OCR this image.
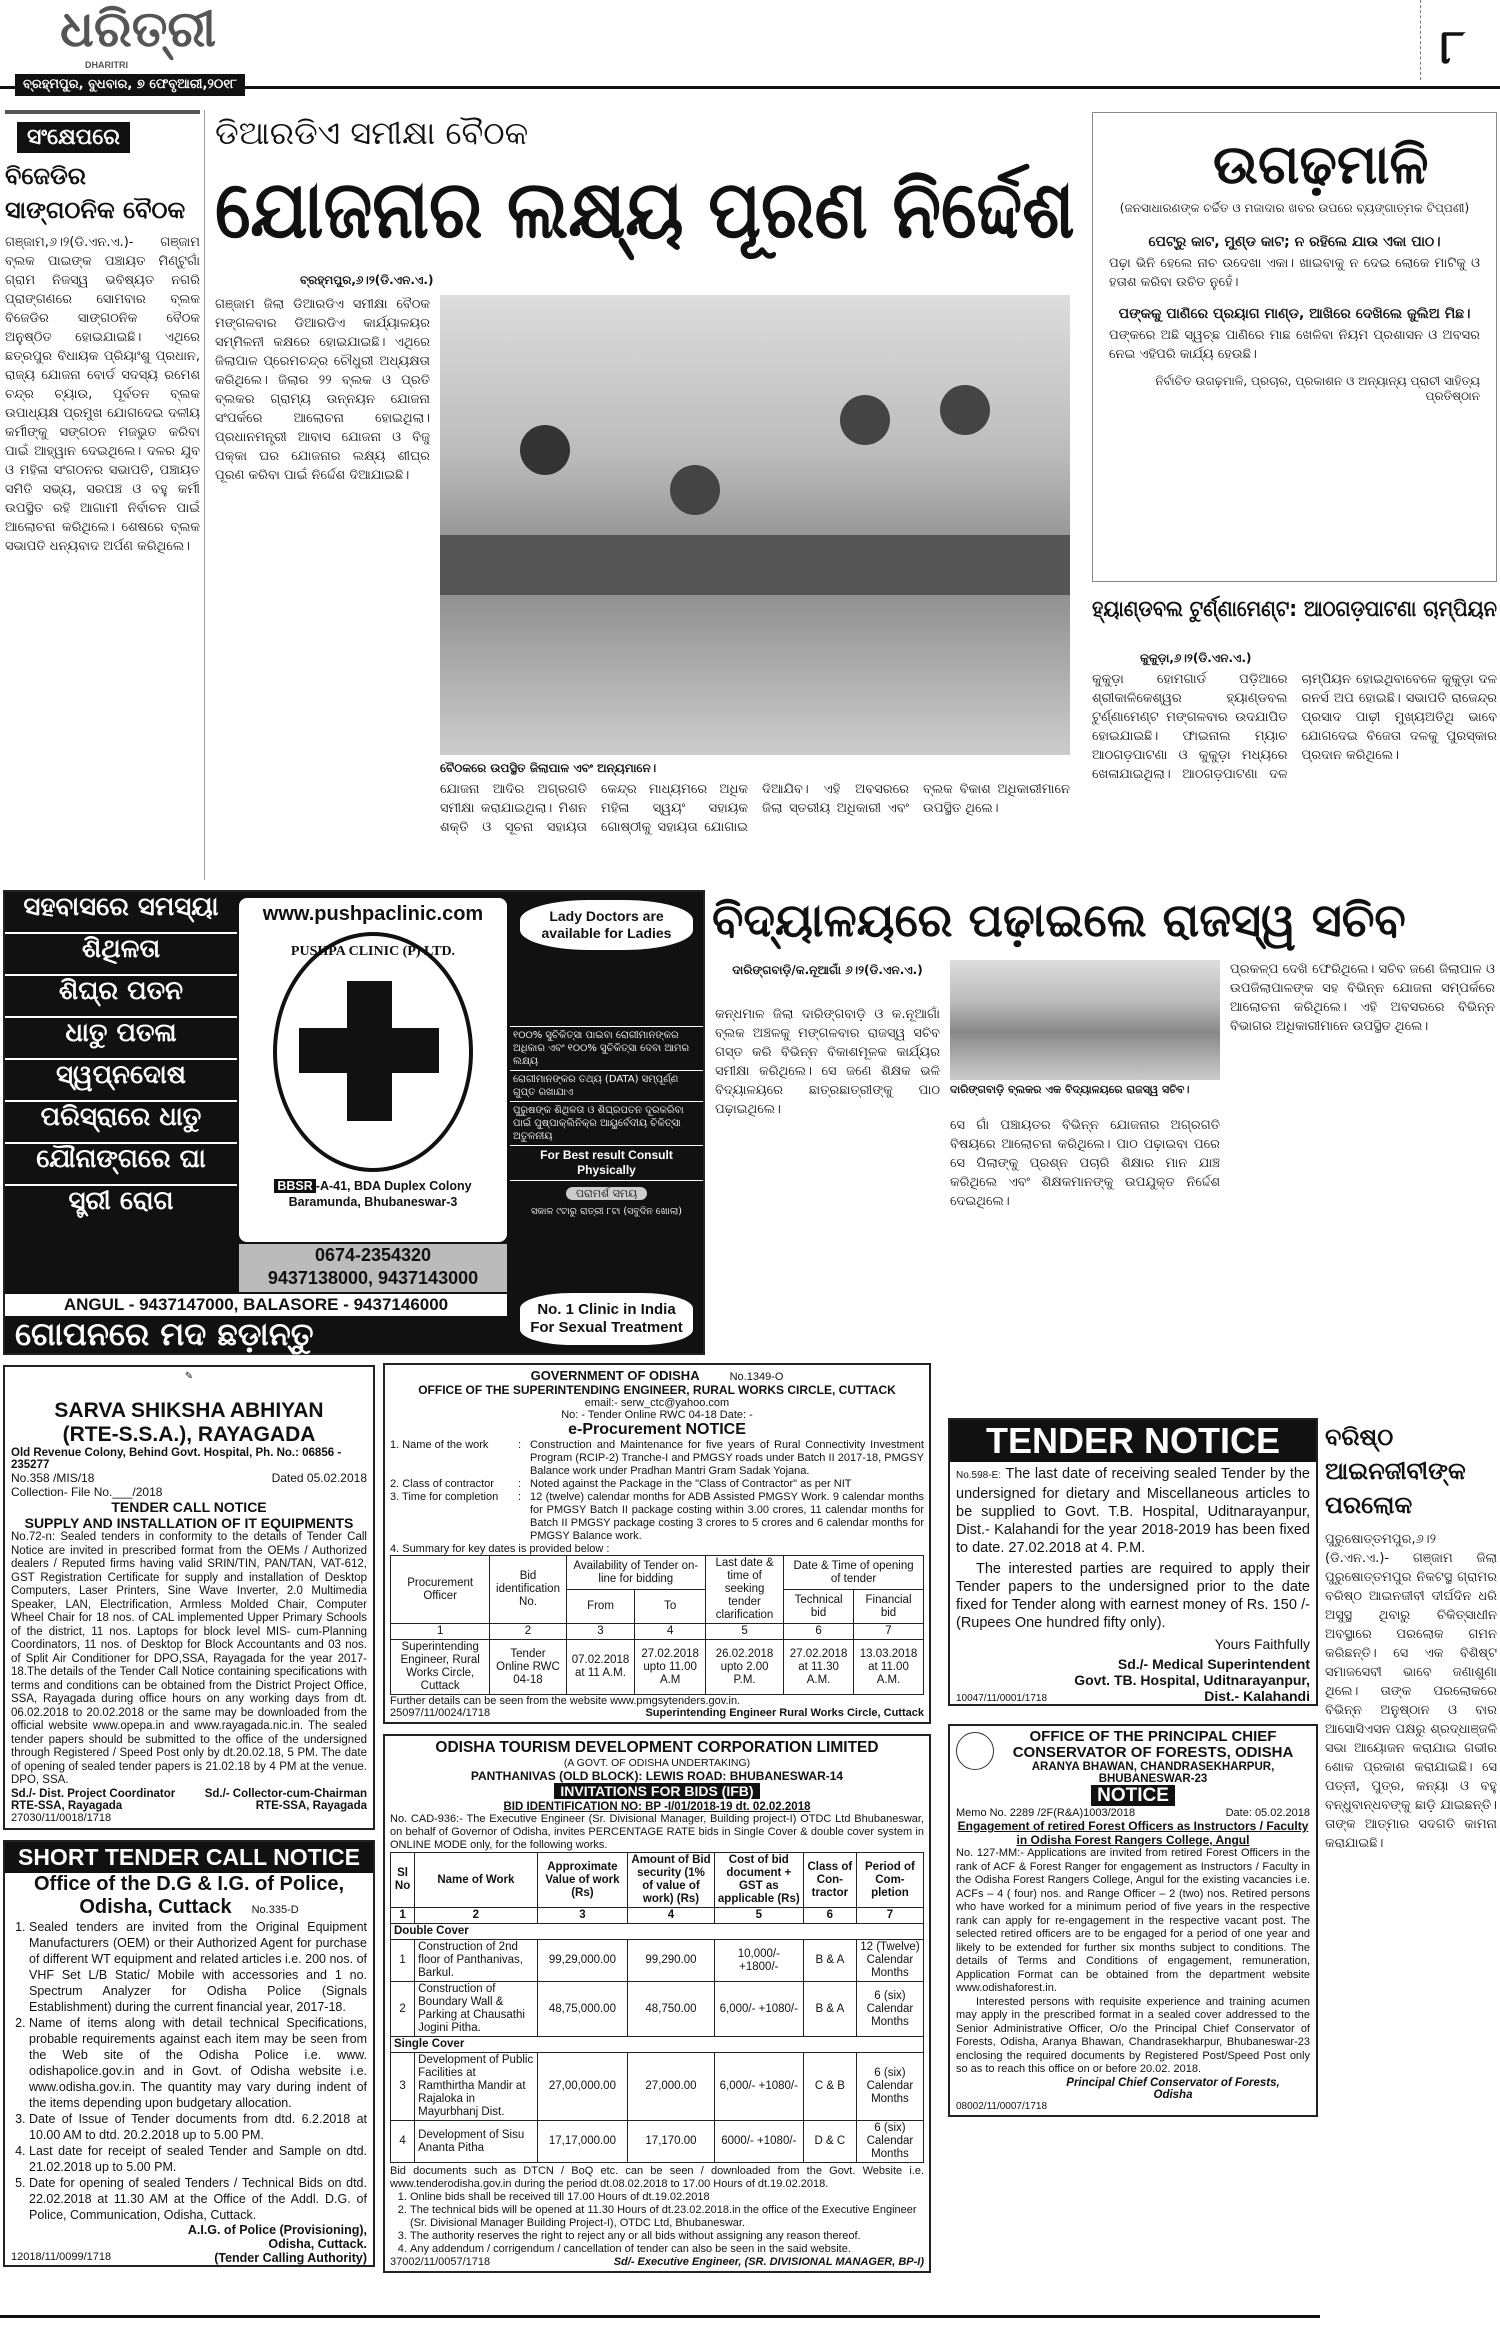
ଧରିତ୍ରୀ
DHARITRI
ବ୍ରହ୍ମପୁର, ବୁଧବାର, ୭ ଫେବୃଆରୀ,୨୦୧୮
୮
ସଂକ୍ଷେପରେ
ବିଜେଡିର ସାଙ୍ଗଠନିକ ବୈଠକ
ଗଞ୍ଜାମ,୬।୨(ଡି.ଏନ.ଏ.)- ଗଞ୍ଜାମ ବ୍ଲକ ପାଇଙ୍କ ପଞ୍ଚାୟତ ମିଣ୍ଟୁଗାଁ ଗ୍ରାମ ନିଜସ୍ୱ ଭବିଷ୍ୟତ ନଗରି ପ୍ରାଙ୍ଗଣରେ ସୋମବାର ବ୍ଲକ ବିଜେଡିର ସାଙ୍ଗଠନିକ ବୈଠକ ଅନୁଷ୍ଠିତ ହୋଇଯାଇଛି। ଏଥିରେ ଛତ୍ରପୁର ବିଧାୟକ ପ୍ରିୟାଂଶୁ ପ୍ରଧାନ, ରାଜ୍ୟ ଯୋଜନା ବୋର୍ଡ ସଦସ୍ୟ ରମେଶ ଚନ୍ଦ୍ର ଚ୍ୟାଉ, ପୂର୍ବତନ ବ୍ଲକ ଉପାଧ୍ୟକ୍ଷ ପ୍ରମୁଖ ଯୋଗଦେଇ ଦଳୀୟ କର୍ମୀଙ୍କୁ ସଙ୍ଗଠନ ମଜଭୁତ କରିବା ପାଇଁ ଆହ୍ୱାନ ଦେଇଥିଲେ। ଦଳର ଯୁବ ଓ ମହିଳା ସଂଗଠନର ସଭାପତି, ପଞ୍ଚାୟତ ସମିତି ସଭ୍ୟ, ସରପଞ୍ଚ ଓ ବହୁ କର୍ମୀ ଉପସ୍ଥିତ ରହି ଆଗାମୀ ନିର୍ବାଚନ ପାଇଁ ଆଲୋଚନା କରିଥିଲେ। ଶେଷରେ ବ୍ଲକ ସଭାପତି ଧନ୍ୟବାଦ ଅର୍ପଣ କରିଥିଲେ।
ଡିଆରଡିଏ ସମୀକ୍ଷା ବୈଠକ
ଯୋଜନାର ଲକ୍ଷ୍ୟ ପୂରଣ ନିର୍ଦ୍ଦେଶ
ବ୍ରହ୍ମପୁର,୬।୨(ଡି.ଏନ.ଏ.)
ଗଞ୍ଜାମ ଜିଲା ଡିଆରଡିଏ ସମୀକ୍ଷା ବୈଠକ ମଙ୍ଗଳବାର ଡିଆରଡିଏ କାର୍ଯ୍ୟାଳୟର ସମ୍ମିଳନୀ କକ୍ଷରେ ହୋଇଯାଇଛି। ଏଥିରେ ଜିଲାପାଳ ପ୍ରେମଚନ୍ଦ୍ର ଚୌଧୁରୀ ଅଧ୍ୟକ୍ଷତା କରିଥିଲେ। ଜିଲାର ୨୨ ବ୍ଲକ ଓ ପ୍ରତି ବ୍ଲକର ଗ୍ରାମ୍ୟ ଉନ୍ନୟନ ଯୋଜନା ସଂପର୍କରେ ଆଲୋଚନା ହୋଇଥିଲା। ପ୍ରଧାନମନ୍ତ୍ରୀ ଆବାସ ଯୋଜନା ଓ ବିଜୁ ପକ୍କା ଘର ଯୋଜନାର ଲକ୍ଷ୍ୟ ଶୀଘ୍ର ପୂରଣ କରିବା ପାଇଁ ନିର୍ଦ୍ଦେଶ ଦିଆଯାଇଛି।
ବୈଠକରେ ଉପସ୍ଥିତ ଜିଲାପାଳ ଏବଂ ଅନ୍ୟମାନେ।
ଯୋଜନା ଆଦିର ଅଗ୍ରଗତି ସମୀକ୍ଷା କରାଯାଇଥିଲା। ମିଶନ ଶକ୍ତି ଓ ସୂଚନା ସହାୟତା କେନ୍ଦ୍ର ମାଧ୍ୟମରେ ଅଧିକ ମହିଳା ସ୍ୱୟଂ ସହାୟକ ଗୋଷ୍ଠୀକୁ ସହାୟତା ଯୋଗାଇ ଦିଆଯିବ। ଏହି ଅବସରରେ ଜିଲା ସ୍ତରୀୟ ଅଧିକାରୀ ଏବଂ ବ୍ଲକ ବିକାଶ ଅଧିକାରୀମାନେ ଉପସ୍ଥିତ ଥିଲେ।
ଉଗଢ଼ମାଳି
(ଜନସାଧାରଣଙ୍କ ଚର୍ଚ୍ଚିତ ଓ ମଜାଦାର ଖବର ଉପରେ ବ୍ୟଙ୍ଗାତ୍ମକ ଟିପ୍ପଣୀ)
ପେଟ୍ରୁ କାଟ, ମୁଣ୍ଡ କାଟ; ନ ରହିଲେ ଯାଉ ଏକା ପାଠ।
ପଢ଼ା ଭିନି ହେଲେ ନାଚ ଉଦେଖା ଏକା। ଖାଇବାକୁ ନ ଦେଇ ଲୋକେ ମାଟିକୁ ଓ ହତାଶ କରିବା ଉଚିତ ନୁହେଁ।
ପଙ୍କକୁ ପାଣିରେ ପ୍ରୟାଗ ମାଣ୍ଡ, ଆଖିରେ ଦେଖିଲେ ଜୁଲିଅ ମିଛ।
ପଙ୍କରେ ଅଛି ସ୍ୱଚ୍ଛ ପାଣିରେ ମାଛ ଖେଳିବା ନିୟମ ପ୍ରଶାସନ ଓ ଅବସର ନେଇ ଏହିପରି କାର୍ଯ୍ୟ ହେଉଛି।
ନିର୍ବାଚିତ ଉଗଢ଼ମାଳି, ପ୍ରଚାର, ପ୍ରକାଶନ ଓ ଅନ୍ୟାନ୍ୟ ପ୍ରାଚୀ ସାହିତ୍ୟ ପ୍ରତିଷ୍ଠାନ
ହ୍ୟାଣ୍ଡବଲ ଟୁର୍ଣ୍ଣାମେଣ୍ଟ: ଆଠଗଡ଼ପାଟଣା ଚାମ୍ପିୟନ
କୁକୁଡ଼ା,୬।୨(ଡି.ଏନ.ଏ.)
କୁକୁଡ଼ା ହୋମଗାର୍ଡ ପଡ଼ିଆରେ ଶ୍ରୀକାଳିକେଶ୍ୱର ହ୍ୟାଣ୍ଡବଲ ଟୁର୍ଣ୍ଣାମେଣ୍ଟ ମଙ୍ଗଳବାର ଉଦଯାପିତ ହୋଇଯାଇଛି। ଫାଇନାଲ ମ୍ୟାଚ ଆଠଗଡ଼ପାଟଣା ଓ କୁକୁଡ଼ା ମଧ୍ୟରେ ଖେଳାଯାଇଥିଲା। ଆଠଗଡ଼ପାଟଣା ଦଳ ଚାମ୍ପିୟନ ହୋଇଥିବାବେଳେ କୁକୁଡ଼ା ଦଳ ରନର୍ସ ଅପ ହୋଇଛି। ସଭାପତି ରାଜେନ୍ଦ୍ର ପ୍ରସାଦ ପାଢ଼ୀ ମୁଖ୍ୟଅତିଥି ଭାବେ ଯୋଗଦେଇ ବିଜେତା ଦଳକୁ ପୁରସ୍କାର ପ୍ରଦାନ କରିଥିଲେ।
ସହବାସରେ ସମସ୍ୟା
ଶିଥିଳତା
ଶିଘ୍ର ପତନ
ଧାତୁ ପତଳା
ସ୍ୱପ୍ନଦୋଷ
ପରିସ୍ରାରେ ଧାତୁ
ଯୌନାଙ୍ଗରେ ଘା
ସ୍ତ୍ରୀ ରୋଗ
www.pushpaclinic.com
PUSHPA CLINIC (P) LTD.
BBSR -A-41, BDA Duplex Colony
Baramunda, Bhubaneswar-3
0674-2354320
9437138000, 9437143000
ANGUL - 9437147000, BALASORE - 9437146000
ଗୋପନରେ ମଦ ଛଡ଼ାନ୍ତୁ
Lady Doctors are available for Ladies
୧୦୦% ସୁଚିକିତ୍ସା ପାଇବା ରୋଗୀମାନଙ୍କର ଅଧିକାର ଏବଂ ୧୦୦% ସୁଚିକିତ୍ସା ଦେବା ଆମର ଲକ୍ଷ୍ୟ
ରୋଗୀମାନଙ୍କର ତଥ୍ୟ (DATA) ସମ୍ପୂର୍ଣ୍ଣ ଗୁପ୍ତ ରଖାଯାଏ
ପୁରୁଷଙ୍କ ଶିଥିଳତା ଓ ଶିଘ୍ରପତନ ଦୂରକରିବା ପାଇଁ ପୁଷ୍ପାକ୍ଲିନିକ୍‌ର ଆୟୁର୍ବେଦୀୟ ଚିକିତ୍ସା ଅତୁଳନୀୟ
For Best result Consult Physically
ପରାମର୍ଶ ସମୟ
ସକାଳ ୯ଟାରୁ ରାତ୍ରୀ ୮ଟା (ସବୁଦିନ ଖୋଲା)
No. 1 Clinic in India For Sexual Treatment
ବିଦ୍ୟାଳୟରେ ପଢ଼ାଇଲେ ରାଜସ୍ୱ ସଚିବ
ଦାରିଙ୍ଗବାଡ଼ି/କ.ନୂଆଗାଁ ୬।୨(ଡି.ଏନ.ଏ.)
କନ୍ଧମାଳ ଜିଲା ଦାରିଙ୍ଗବାଡ଼ି ଓ କ.ନୂଆଗାଁ ବ୍ଲକ ଅଞ୍ଚଳକୁ ମଙ୍ଗଳବାର ରାଜସ୍ୱ ସଚିବ ଗସ୍ତ କରି ବିଭିନ୍ନ ବିକାଶମୂଳକ କାର୍ଯ୍ୟର ସମୀକ୍ଷା କରିଥିଲେ। ସେ ଜଣେ ଶିକ୍ଷକ ଭଳି ବିଦ୍ୟାଳୟରେ ଛାତ୍ରଛାତ୍ରୀଙ୍କୁ ପାଠ ପଢ଼ାଇଥିଲେ।
ଦାରିଙ୍ଗବାଡ଼ି ବ୍ଲକର ଏକ ବିଦ୍ୟାଳୟରେ ରାଜସ୍ୱ ସଚିବ।
ସେ ଗାଁ ପଞ୍ଚାୟତର ବିଭିନ୍ନ ଯୋଜନାର ଅଗ୍ରଗତି ବିଷୟରେ ଆଲୋଚନା କରିଥିଲେ। ପାଠ ପଢ଼ାଇବା ପରେ ସେ ପିଲାଙ୍କୁ ପ୍ରଶ୍ନ ପଚାରି ଶିକ୍ଷାର ମାନ ଯାଞ୍ଚ କରିଥିଲେ ଏବଂ ଶିକ୍ଷକମାନଙ୍କୁ ଉପଯୁକ୍ତ ନିର୍ଦ୍ଦେଶ ଦେଇଥିଲେ।
ପ୍ରକଳ୍ପ ଦେଖି ଫେରିଥିଲେ। ସଚିବ ଜଣେ ଜିଲାପାଳ ଓ ଉପଜିଲାପାଳଙ୍କ ସହ ବିଭିନ୍ନ ଯୋଜନା ସମ୍ପର୍କରେ ଆଲୋଚନା କରିଥିଲେ। ଏହି ଅବସରରେ ବିଭିନ୍ନ ବିଭାଗର ଅଧିକାରୀମାନେ ଉପସ୍ଥିତ ଥିଲେ।
✎
SARVA SHIKSHA ABHIYAN
(RTE-S.S.A.), RAYAGADA
Old Revenue Colony, Behind Govt. Hospital, Ph. No.: 06856 - 235277
No.358 /MIS/18	Dated 05.02.2018
Collection- File No.___/2018
TENDER CALL NOTICE
SUPPLY AND INSTALLATION OF IT EQUIPMENTS

No.72-n: Sealed tenders in conformity to the details of Tender Call Notice are invited in prescribed format from the OEMs / Authorized dealers / Reputed firms having valid SRIN/TIN, PAN/TAN, VAT-612, GST Registration Certificate for supply and installation of Desktop Computers, Laser Printers, Sine Wave Inverter, 2.0 Multimedia Speaker, LAN, Electrification, Armless Molded Chair, Computer Wheel Chair for 18 nos. of CAL implemented Upper Primary Schools of the district, 11 nos. Laptops for block level MIS- cum-Planning Coordinators, 11 nos. of Desktop for Block Accountants and 03 nos. of Split Air Conditioner for DPO,SSA, Rayagada for the year 2017-18.The details of the Tender Call Notice containing specifications with terms and conditions can be obtained from the District Project Office, SSA, Rayagada during office hours on any working days from dt. 06.02.2018 to 20.02.2018 or the same may be downloaded from the official website www.opepa.in and www.rayagada.nic.in. The sealed tender papers should be submitted to the office of the undersigned through Registered / Speed Post only by dt.20.02.18, 5 PM. The date of opening of sealed tender papers is 21.02.18 by 4 PM at the venue. DPO, SSA.

Sd./- Dist. Project Coordinator	Sd./- Collector-cum-Chairman
RTE-SSA, Rayagada	RTE-SSA, Rayagada
27030/11/0018/1718
SHORT TENDER CALL NOTICE
Office of the D.G & I.G. of Police,
Odisha, Cuttack No.335-D
1. Sealed tenders are invited from the Original Equipment Manufacturers (OEM) or their Authorized Agent for purchase of different WT equipment and related articles i.e. 200 nos. of VHF Set L/B Static/ Mobile with accessories and 1 no. Spectrum Analyzer for Odisha Police (Signals Establishment) during the current financial year, 2017-18.
2. Name of items along with detail technical Specifications, probable requirements against each item may be seen from the Web site of the Odisha Police i.e. www. odishapolice.gov.in and in Govt. of Odisha website i.e. www.odisha.gov.in. The quantity may vary during indent of the items depending upon budgetary allocation.
3. Date of Issue of Tender documents from dtd. 6.2.2018 at 10.00 AM to dtd. 20.2.2018 up to 5.00 PM.
4. Last date for receipt of sealed Tender and Sample on dtd. 21.02.2018 up to 5.00 PM.
5. Date for opening of sealed Tenders / Technical Bids on dtd. 22.02.2018 at 11.30 AM at the Office of the Addl. D.G. of Police, Communication, Odisha, Cuttack.
A.I.G. of Police (Provisioning),
Odisha, Cuttack.
12018/11/0099/1718	(Tender Calling Authority)
GOVERNMENT OF ODISHA	No.1349-O
OFFICE OF THE SUPERINTENDING ENGINEER, RURAL WORKS CIRCLE, CUTTACK
email:- serw_ctc@yahoo.com
No: - Tender Online RWC 04-18 Date: -
e-Procurement NOTICE
1. Name of the work	: Construction and Maintenance for five years of Rural Connectivity Investment Program (RCIP-2) Tranche-I and PMGSY roads under Batch II 2017-18, PMGSY Balance work under Pradhan Mantri Gram Sadak Yojana.
2. Class of contractor	: Noted against the Package in the "Class of Contractor" as per NIT
3. Time for completion	: 12 (twelve) calendar months for ADB Assisted PMGSY Work. 9 calendar months for PMGSY Batch II package costing within 3.00 crores, 11 calendar months for Batch II PMGSY package costing 3 crores to 5 crores and 6 calendar months for PMGSY Balance work.
4. Summary for key dates is provided below :
Procurement Officer	Bid identification No.	Availability of Tender on-line for bidding		Last date & time of seeking tender clarification	Date & Time of opening of tender	
		From	To		Technical bid	Financial bid
1	2	3	4	5	6	7
Superintending Engineer, Rural Works Circle, Cuttack	Tender Online RWC 04-18	07.02.2018 at 11 A.M.	27.02.2018 upto 11.00 A.M	26.02.2018 upto 2.00 P.M.	27.02.2018 at 11.30 A.M.	13.03.2018 at 11.00 A.M.
Further details can be seen from the website www.pmgsytenders.gov.in.
25097/11/0024/1718	Superintending Engineer Rural Works Circle, Cuttack
ODISHA TOURISM DEVELOPMENT CORPORATION LIMITED
(A GOVT. OF ODISHA UNDERTAKING)
PANTHANIVAS (OLD BLOCK): LEWIS ROAD: BHUBANESWAR-14
INVITATIONS FOR BIDS (IFB)
BID IDENTIFICATION NO: BP -I/01/2018-19 dt. 02.02.2018

No. CAD-936:- The Executive Engineer (Sr. Divisional Manager, Building project-I) OTDC Ltd Bhubaneswar, on behalf of Governor of Odisha, invites PERCENTAGE RATE bids in Single Cover & double cover system in ONLINE MODE only, for the following works.

Sl No	Name of Work	Approximate Value of work (Rs)	Amount of Bid security (1% of value of work) (Rs)	Cost of bid document + GST as applicable (Rs)	Class of Con-tractor	Period of Com-pletion
1	2	3	4	5	6	7
Double Cover						
1	Construction of 2nd floor of Panthanivas, Barkul.	99,29,000.00	99,290.00	10,000/- +1800/-	B & A	12 (Twelve) Calendar Months
2	Construction of Boundary Wall & Parking at Chausathi Jogini Pitha.	48,75,000.00	48,750.00	6,000/- +1080/-	B & A	6 (six) Calendar Months
Single Cover						
3	Development of Public Facilities at Ramthirtha Mandir at Rajaloka in Mayurbhanj Dist.	27,00,000.00	27,000.00	6,000/- +1080/-	C & B	6 (six) Calendar Months
4	Development of Sisu Ananta Pitha	17,17,000.00	17,170.00	6000/- +1080/-	D & C	6 (six) Calendar Months

Bid documents such as DTCN / BoQ etc. can be seen / downloaded from the Govt. Website i.e. www.tenderodisha.gov.in during the period dt.08.02.2018 to 17.00 Hours of dt.19.02.2018.

1. Online bids shall be received till 17.00 Hours of dt.19.02.2018
2. The technical bids will be opened at 11.30 Hours of dt.23.02.2018.in the office of the Executive Engineer (Sr. Divisional Manager Building Project-I), OTDC Ltd, Bhubaneswar.
3. The authority reserves the right to reject any or all bids without assigning any reason thereof.
4. Any addendum / corrigendum / cancellation of tender can also be seen in the said website.
37002/11/0057/1718	Sd/- Executive Engineer, (SR. DIVISIONAL MANAGER, BP-I)
TENDER NOTICE

No.598-E: The last date of receiving sealed Tender by the undersigned for dietary and Miscellaneous articles to be supplied to Govt. T.B. Hospital, Uditnarayanpur, Dist.- Kalahandi for the year 2018-2019 has been fixed to date. 27.02.2018 at 4. P.M.

The interested parties are required to apply their Tender papers to the undersigned prior to the date fixed for Tender along with earnest money of Rs. 150 /- (Rupees One hundred fifty only).

Yours Faithfully
Sd./- Medical Superintendent
Govt. TB. Hospital, Uditnarayanpur,
10047/11/0001/1718	Dist.- Kalahandi
OFFICE OF THE PRINCIPAL CHIEF CONSERVATOR OF FORESTS, ODISHA
ARANYA BHAWAN, CHANDRASEKHARPUR, BHUBANESWAR-23
NOTICE
Memo No. 2289 /2F(R&A)1003/2018	Date: 05.02.2018
Engagement of retired Forest Officers as Instructors / Faculty in Odisha Forest Rangers College, Angul

No. 127-MM:- Applications are invited from retired Forest Officers in the rank of ACF & Forest Ranger for engagement as Instructors / Faculty in the Odisha Forest Rangers College, Angul for the existing vacancies i.e. ACFs – 4 ( four) nos. and Range Officer – 2 (two) nos. Retired persons who have worked for a minimum period of five years in the respective rank can apply for re-engagement in the respective vacant post. The selected retired officers are to be engaged for a period of one year and likely to be extended for further six months subject to conditions. The details of Terms and Conditions of engagement, remuneration, Application Format can be obtained from the department website www.odishaforest.in.

Interested persons with requisite experience and training acumen may apply in the prescribed format in a sealed cover addressed to the Senior Administrative Officer, O/o the Principal Chief Conservator of Forests, Odisha, Aranya Bhawan, Chandrasekharpur, Bhubaneswar-23 enclosing the required documents by Registered Post/Speed Post only so as to reach this office on or before 20.02. 2018.

Principal Chief Conservator of Forests,
Odisha
08002/11/0007/1718
ବରିଷ୍ଠ ଆଇନଜୀବୀଙ୍କ ପରଲୋକ
ପୁରୁଷୋତ୍ତମପୁର,୬।୨ (ଡି.ଏନ.ଏ.)- ଗଞ୍ଜାମ ଜିଲା ପୁରୁଷୋତ୍ତମପୁର ନିକଟସ୍ଥ ଗ୍ରାମର ବରିଷ୍ଠ ଆଇନଜୀବୀ ଦୀର୍ଘଦିନ ଧରି ଅସୁସ୍ଥ ଥିବାରୁ ଚିକିତ୍ସାଧୀନ ଅବସ୍ଥାରେ ପରଲୋକ ଗମନ କରିଛନ୍ତି। ସେ ଏକ ବିଶିଷ୍ଟ ସମାଜସେବୀ ଭାବେ ଜଣାଶୁଣା ଥିଲେ। ତାଙ୍କ ପରଲୋକରେ ବିଭିନ୍ନ ଅନୁଷ୍ଠାନ ଓ ବାର ଆସୋସିଏସନ ପକ୍ଷରୁ ଶ୍ରଦ୍ଧାଞ୍ଜଳି ସଭା ଆୟୋଜନ କରାଯାଇ ଗଭୀର ଶୋକ ପ୍ରକାଶ କରାଯାଇଛି। ସେ ପତ୍ନୀ, ପୁତ୍ର, କନ୍ୟା ଓ ବହୁ ବନ୍ଧୁବାନ୍ଧବଙ୍କୁ ଛାଡ଼ି ଯାଇଛନ୍ତି। ତାଙ୍କ ଆତ୍ମାର ସଦଗତି କାମନା କରାଯାଇଛି।
